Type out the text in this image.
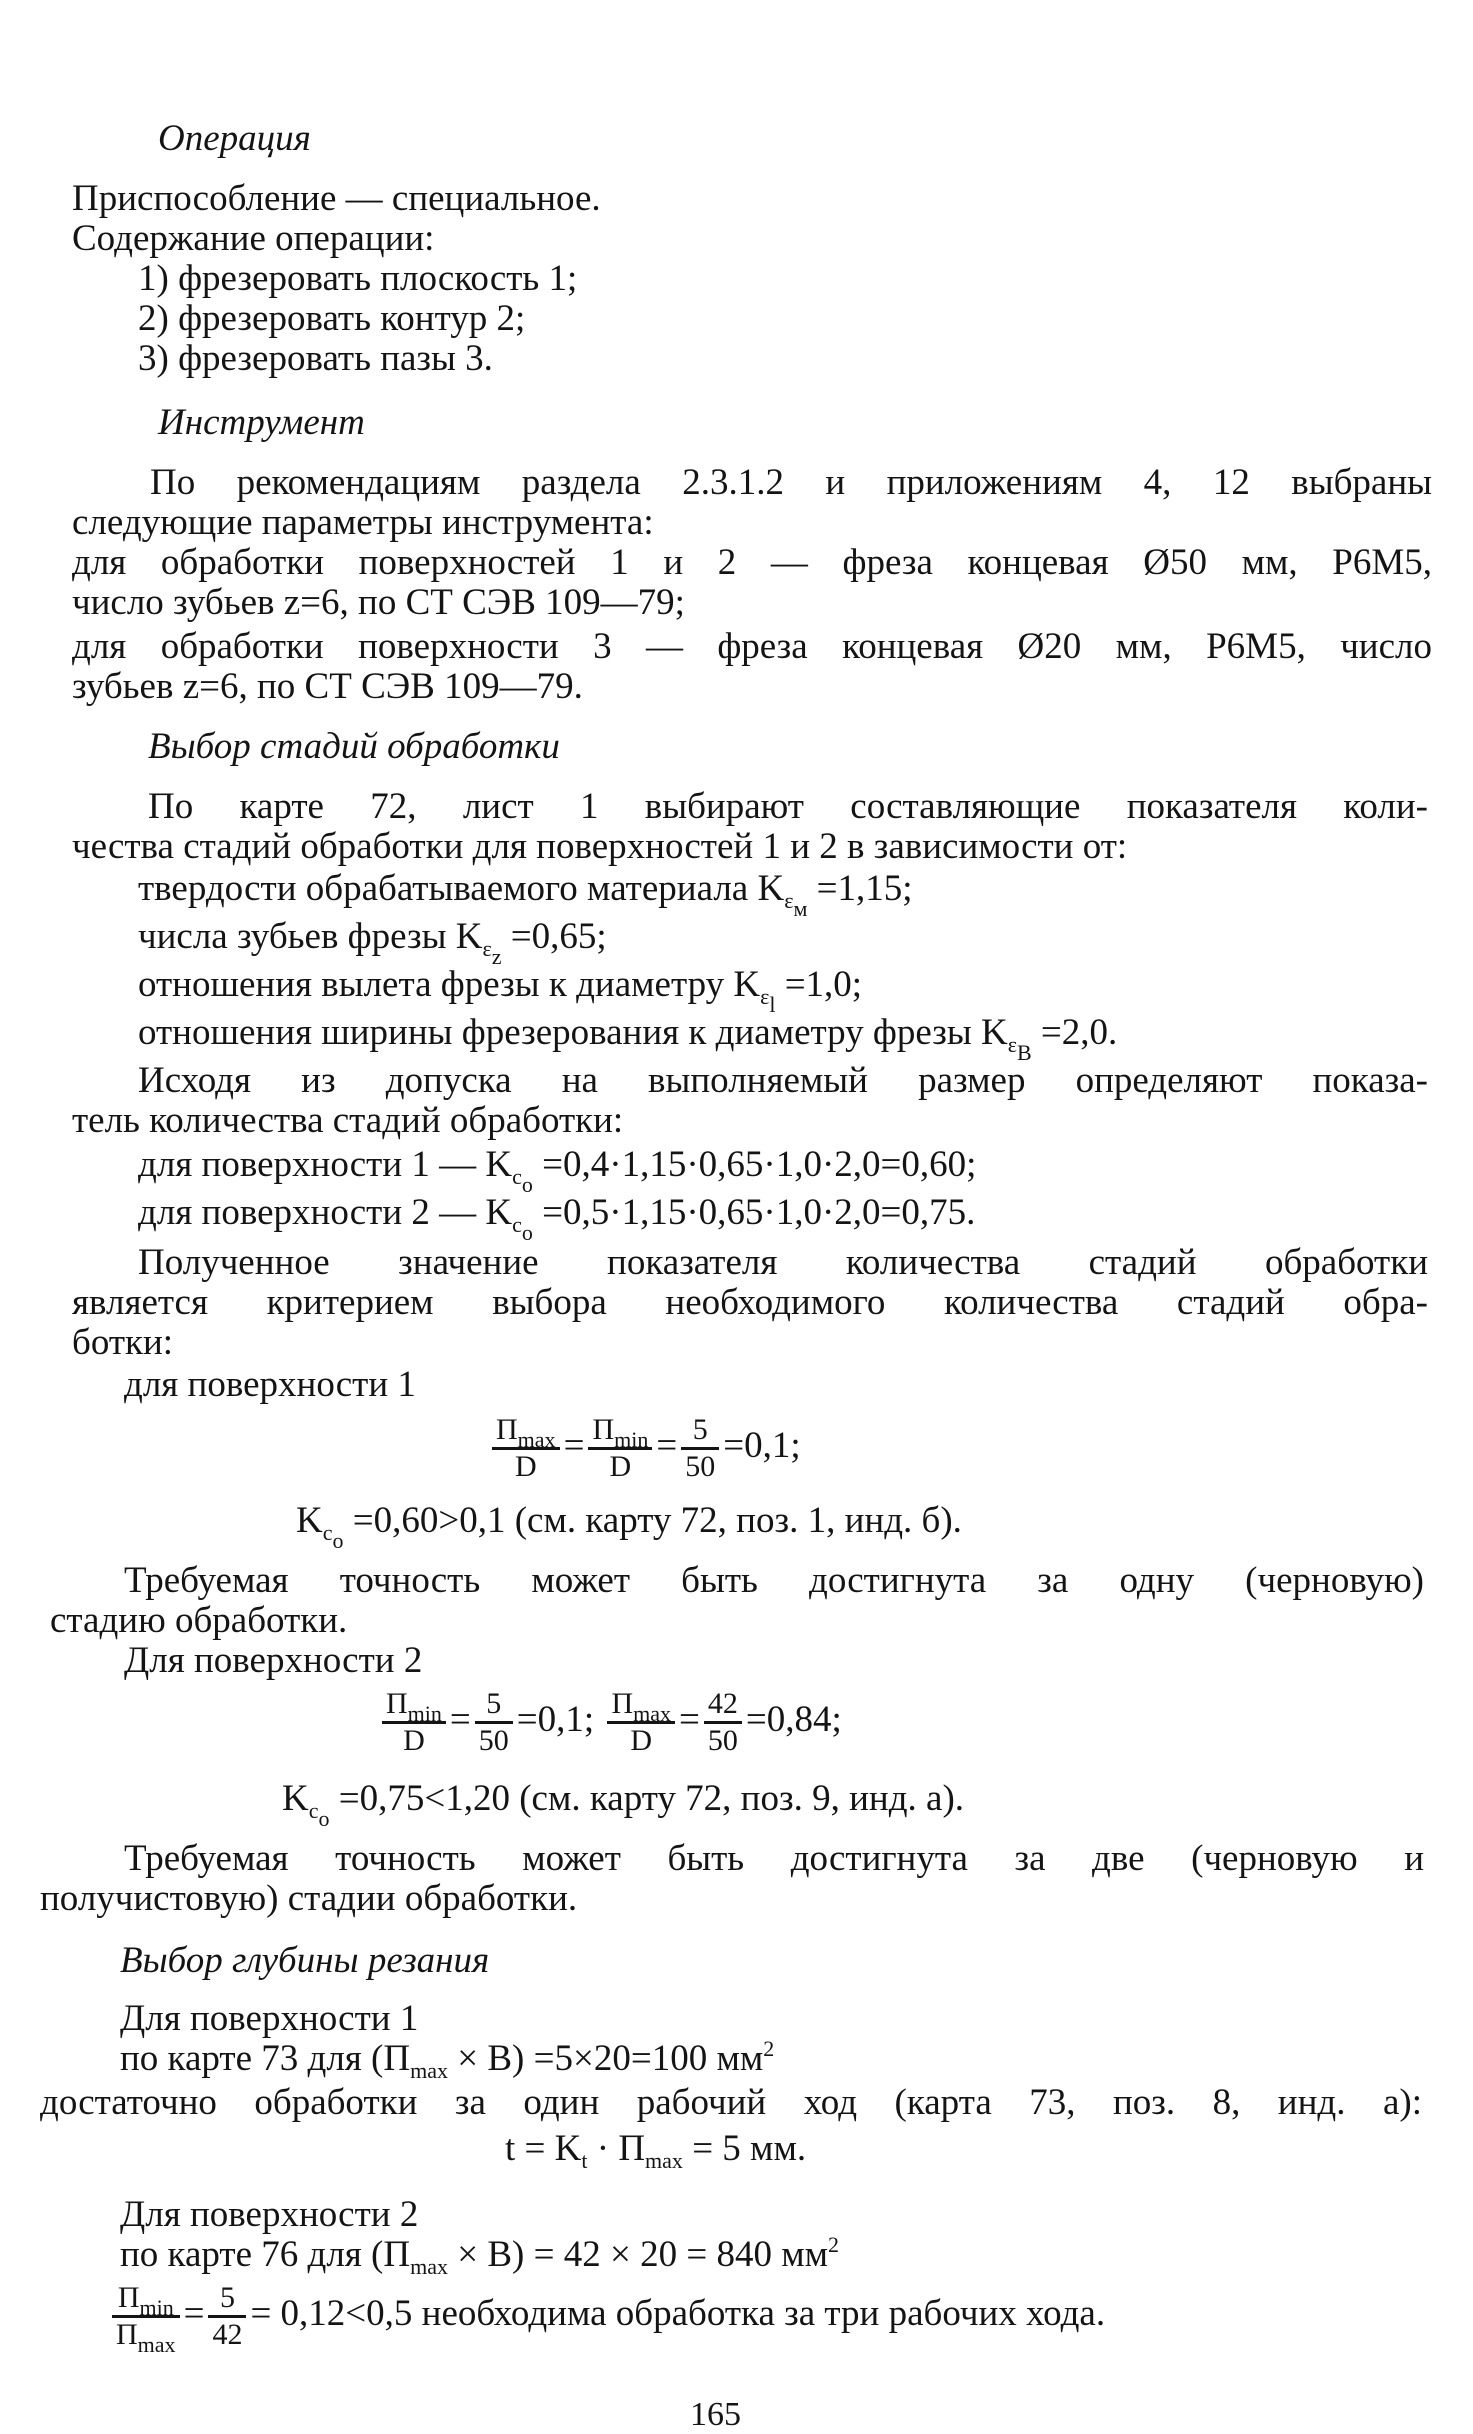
Операция
Приспособление — специальное.
Содержание операции:
1) фрезеровать плоскость 1;
2) фрезеровать контур 2;
3) фрезеровать пазы 3.
Инструмент
По рекомендациям раздела 2.3.1.2 и приложениям 4, 12 выбраны
следующие параметры инструмента:
для обработки поверхностей 1 и 2 — фреза концевая Ø50 мм, Р6М5,
число зубьев z=6, по СТ СЭВ 109—79;
для обработки поверхности 3 — фреза концевая Ø20 мм, Р6М5, число
зубьев z=6, по СТ СЭВ 109—79.
Выбор стадий обработки
По карте 72, лист 1 выбирают составляющие показателя коли-
чества стадий обработки для поверхностей 1 и 2 в зависимости от:
твердости обрабатываемого материала $K_{\varepsilon_м} =1,15$;
числа зубьев фрезы $K_{\varepsilon_z} =0,65$;
отношения вылета фрезы к диаметру $K_{\varepsilon_l} =1,0$;
отношения ширины фрезерования к диаметру фрезы $K_{\varepsilon_B} =2,0$.
Исходя из допуска на выполняемый размер определяют показа-
тель количества стадий обработки:
для поверхности 1 — $K_{c_o} =0,4\cdot 1,15\cdot 0,65\cdot 1,0\cdot 2,0=0,60$;
для поверхности 2 — $K_{c_o} =0,5\cdot 1,15\cdot 0,65\cdot 1,0\cdot 2,0=0,75$.
Полученное значение показателя количества стадий обработки
является критерием выбора необходимого количества стадий обра-
ботки:
для поверхности 1
$\frac{П_{max}}{D} = \frac{П_{min}}{D} = \frac{5}{50} =0,1$;
$K_{c_o} =0,60>0,1$ (см. карту 72, поз. 1, инд. б).
Требуемая точность может быть достигнута за одну (черновую)
стадию обработки.
Для поверхности 2
$\frac{П_{min}}{D} = \frac{5}{50} =0,1$; $\frac{П_{max}}{D} = \frac{42}{50} =0,84$;
$K_{c_o} =0,75<1,20$ (см. карту 72, поз. 9, инд. а).
Требуемая точность может быть достигнута за две (черновую и
получистовую) стадии обработки.
Выбор глубины резания
Для поверхности 1
по карте 73 для $(П_{max} \times B) =5\times 20=100$ $мм^2$
достаточно обработки за один рабочий ход (карта 73, поз. 8, инд. а):
$t = K_t \cdot П_{max} = 5$ мм.
Для поверхности 2
по карте 76 для $(П_{max} \times B) = 42 \times 20 = 840$ $мм^2$
$\frac{П_{min}}{П_{max}} = \frac{5}{42} = 0,12<0,5$ необходима обработка за три рабочих хода.
165
